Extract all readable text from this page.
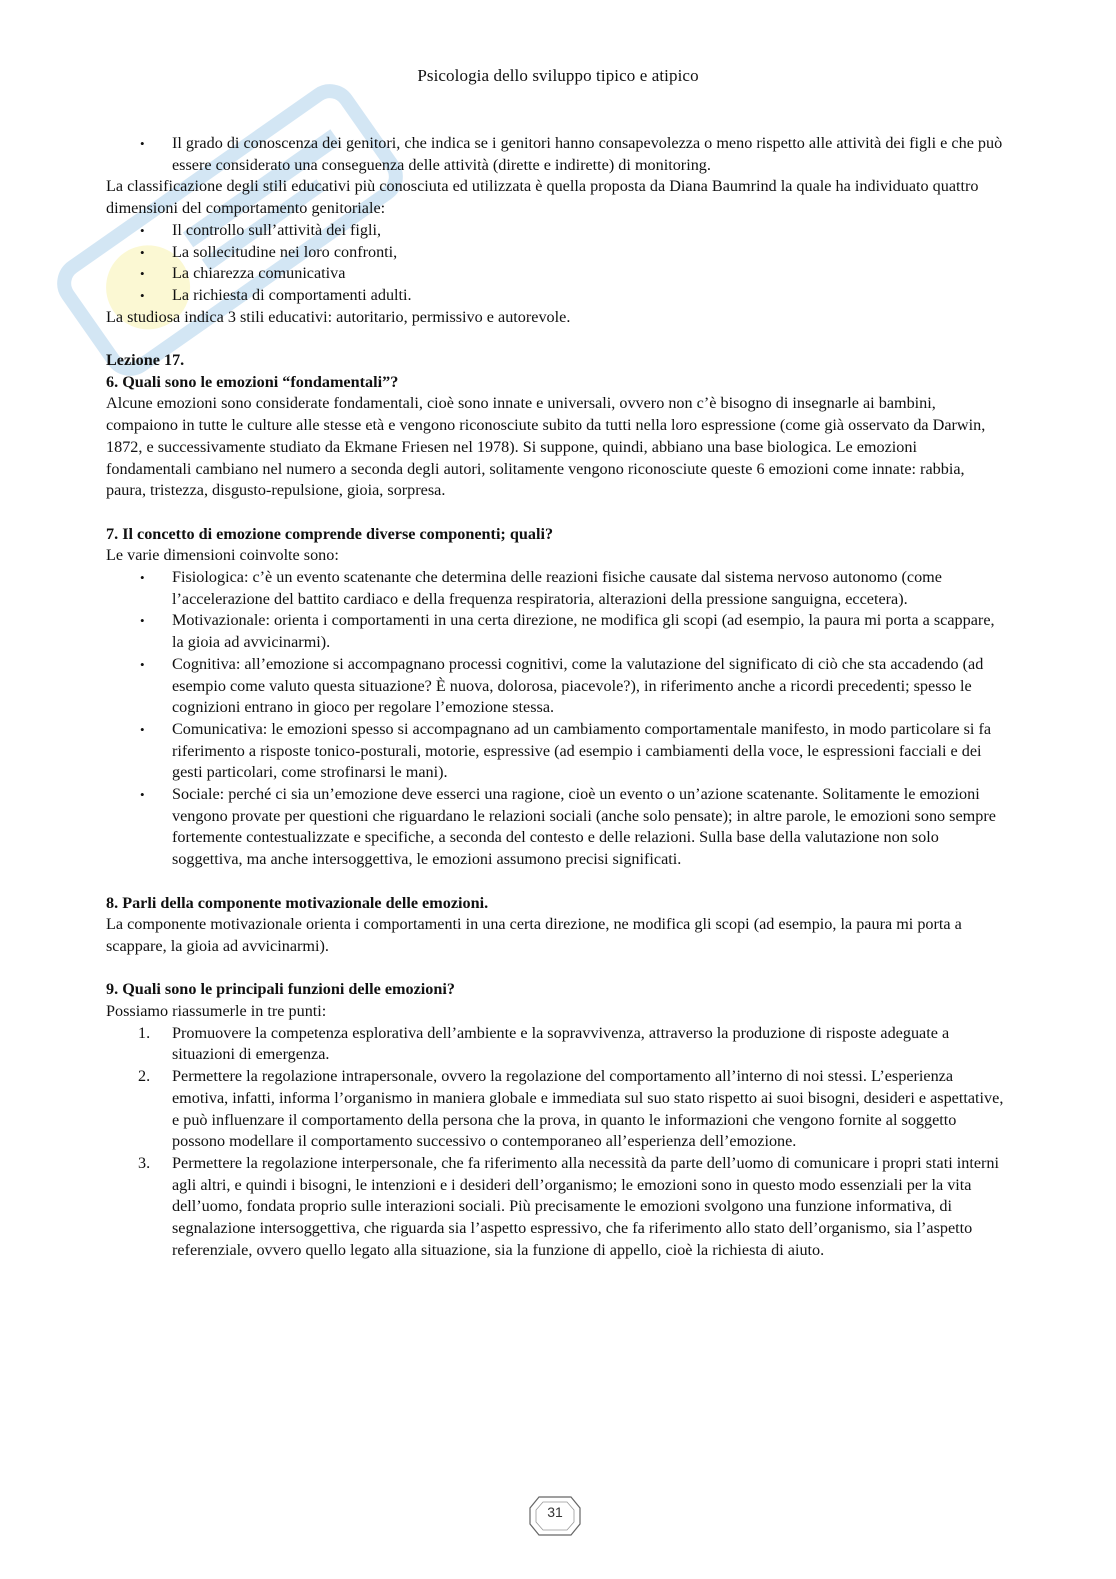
Psicologia dello sviluppo tipico e atipico
• Il grado di conoscenza dei genitori, che indica se i genitori hanno consapevolezza o meno rispetto alle attività dei figli e che può essere considerato una conseguenza delle attività (dirette e indirette) di monitoring.

La classificazione degli stili educativi più conosciuta ed utilizzata è quella proposta da Diana Baumrind la quale ha individuato quattro dimensioni del comportamento genitoriale:

• Il controllo sull’attività dei figli,
• La sollecitudine nei loro confronti,
• La chiarezza comunicativa
• La richiesta di comportamenti adulti.

La studiosa indica 3 stili educativi: autoritario, permissivo e autorevole.

Lezione 17.

6. Quali sono le emozioni “fondamentali”?

Alcune emozioni sono considerate fondamentali, cioè sono innate e universali, ovvero non c’è bisogno di insegnarle ai bambini, compaiono in tutte le culture alle stesse età e vengono riconosciute subito da tutti nella loro espressione (come già osservato da Darwin, 1872, e successivamente studiato da Ekmane Friesen nel 1978). Si suppone, quindi, abbiano una base biologica. Le emozioni fondamentali cambiano nel numero a seconda degli autori, solitamente vengono riconosciute queste 6 emozioni come innate: rabbia, paura, tristezza, disgusto-repulsione, gioia, sorpresa.

7. Il concetto di emozione comprende diverse componenti; quali?

Le varie dimensioni coinvolte sono:

• Fisiologica: c’è un evento scatenante che determina delle reazioni fisiche causate dal sistema nervoso autonomo (come l’accelerazione del battito cardiaco e della frequenza respiratoria, alterazioni della pressione sanguigna, eccetera).
• Motivazionale: orienta i comportamenti in una certa direzione, ne modifica gli scopi (ad esempio, la paura mi porta a scappare, la gioia ad avvicinarmi).
• Cognitiva: all’emozione si accompagnano processi cognitivi, come la valutazione del significato di ciò che sta accadendo (ad esempio come valuto questa situazione? È nuova, dolorosa, piacevole?), in riferimento anche a ricordi precedenti; spesso le cognizioni entrano in gioco per regolare l’emozione stessa.
• Comunicativa: le emozioni spesso si accompagnano ad un cambiamento comportamentale manifesto, in modo particolare si fa riferimento a risposte tonico-posturali, motorie, espressive (ad esempio i cambiamenti della voce, le espressioni facciali e dei gesti particolari, come strofinarsi le mani).
• Sociale: perché ci sia un’emozione deve esserci una ragione, cioè un evento o un’azione scatenante. Solitamente le emozioni vengono provate per questioni che riguardano le relazioni sociali (anche solo pensate); in altre parole, le emozioni sono sempre fortemente contestualizzate e specifiche, a seconda del contesto e delle relazioni. Sulla base della valutazione non solo soggettiva, ma anche intersoggettiva, le emozioni assumono precisi significati.

8. Parli della componente motivazionale delle emozioni.

La componente motivazionale orienta i comportamenti in una certa direzione, ne modifica gli scopi (ad esempio, la paura mi porta a scappare, la gioia ad avvicinarmi).

9. Quali sono le principali funzioni delle emozioni?

Possiamo riassumerle in tre punti:

1. Promuovere la competenza esplorativa dell’ambiente e la sopravvivenza, attraverso la produzione di risposte adeguate a situazioni di emergenza.
2. Permettere la regolazione intrapersonale, ovvero la regolazione del comportamento all’interno di noi stessi. L’esperienza emotiva, infatti, informa l’organismo in maniera globale e immediata sul suo stato rispetto ai suoi bisogni, desideri e aspettative, e può influenzare il comportamento della persona che la prova, in quanto le informazioni che vengono fornite al soggetto possono modellare il comportamento successivo o contemporaneo all’esperienza dell’emozione.
3. Permettere la regolazione interpersonale, che fa riferimento alla necessità da parte dell’uomo di comunicare i propri stati interni agli altri, e quindi i bisogni, le intenzioni e i desideri dell’organismo; le emozioni sono in questo modo essenziali per la vita dell’uomo, fondata proprio sulle interazioni sociali. Più precisamente le emozioni svolgono una funzione informativa, di segnalazione intersoggettiva, che riguarda sia l’aspetto espressivo, che fa riferimento allo stato dell’organismo, sia l’aspetto referenziale, ovvero quello legato alla situazione, sia la funzione di appello, cioè la richiesta di aiuto.
31
